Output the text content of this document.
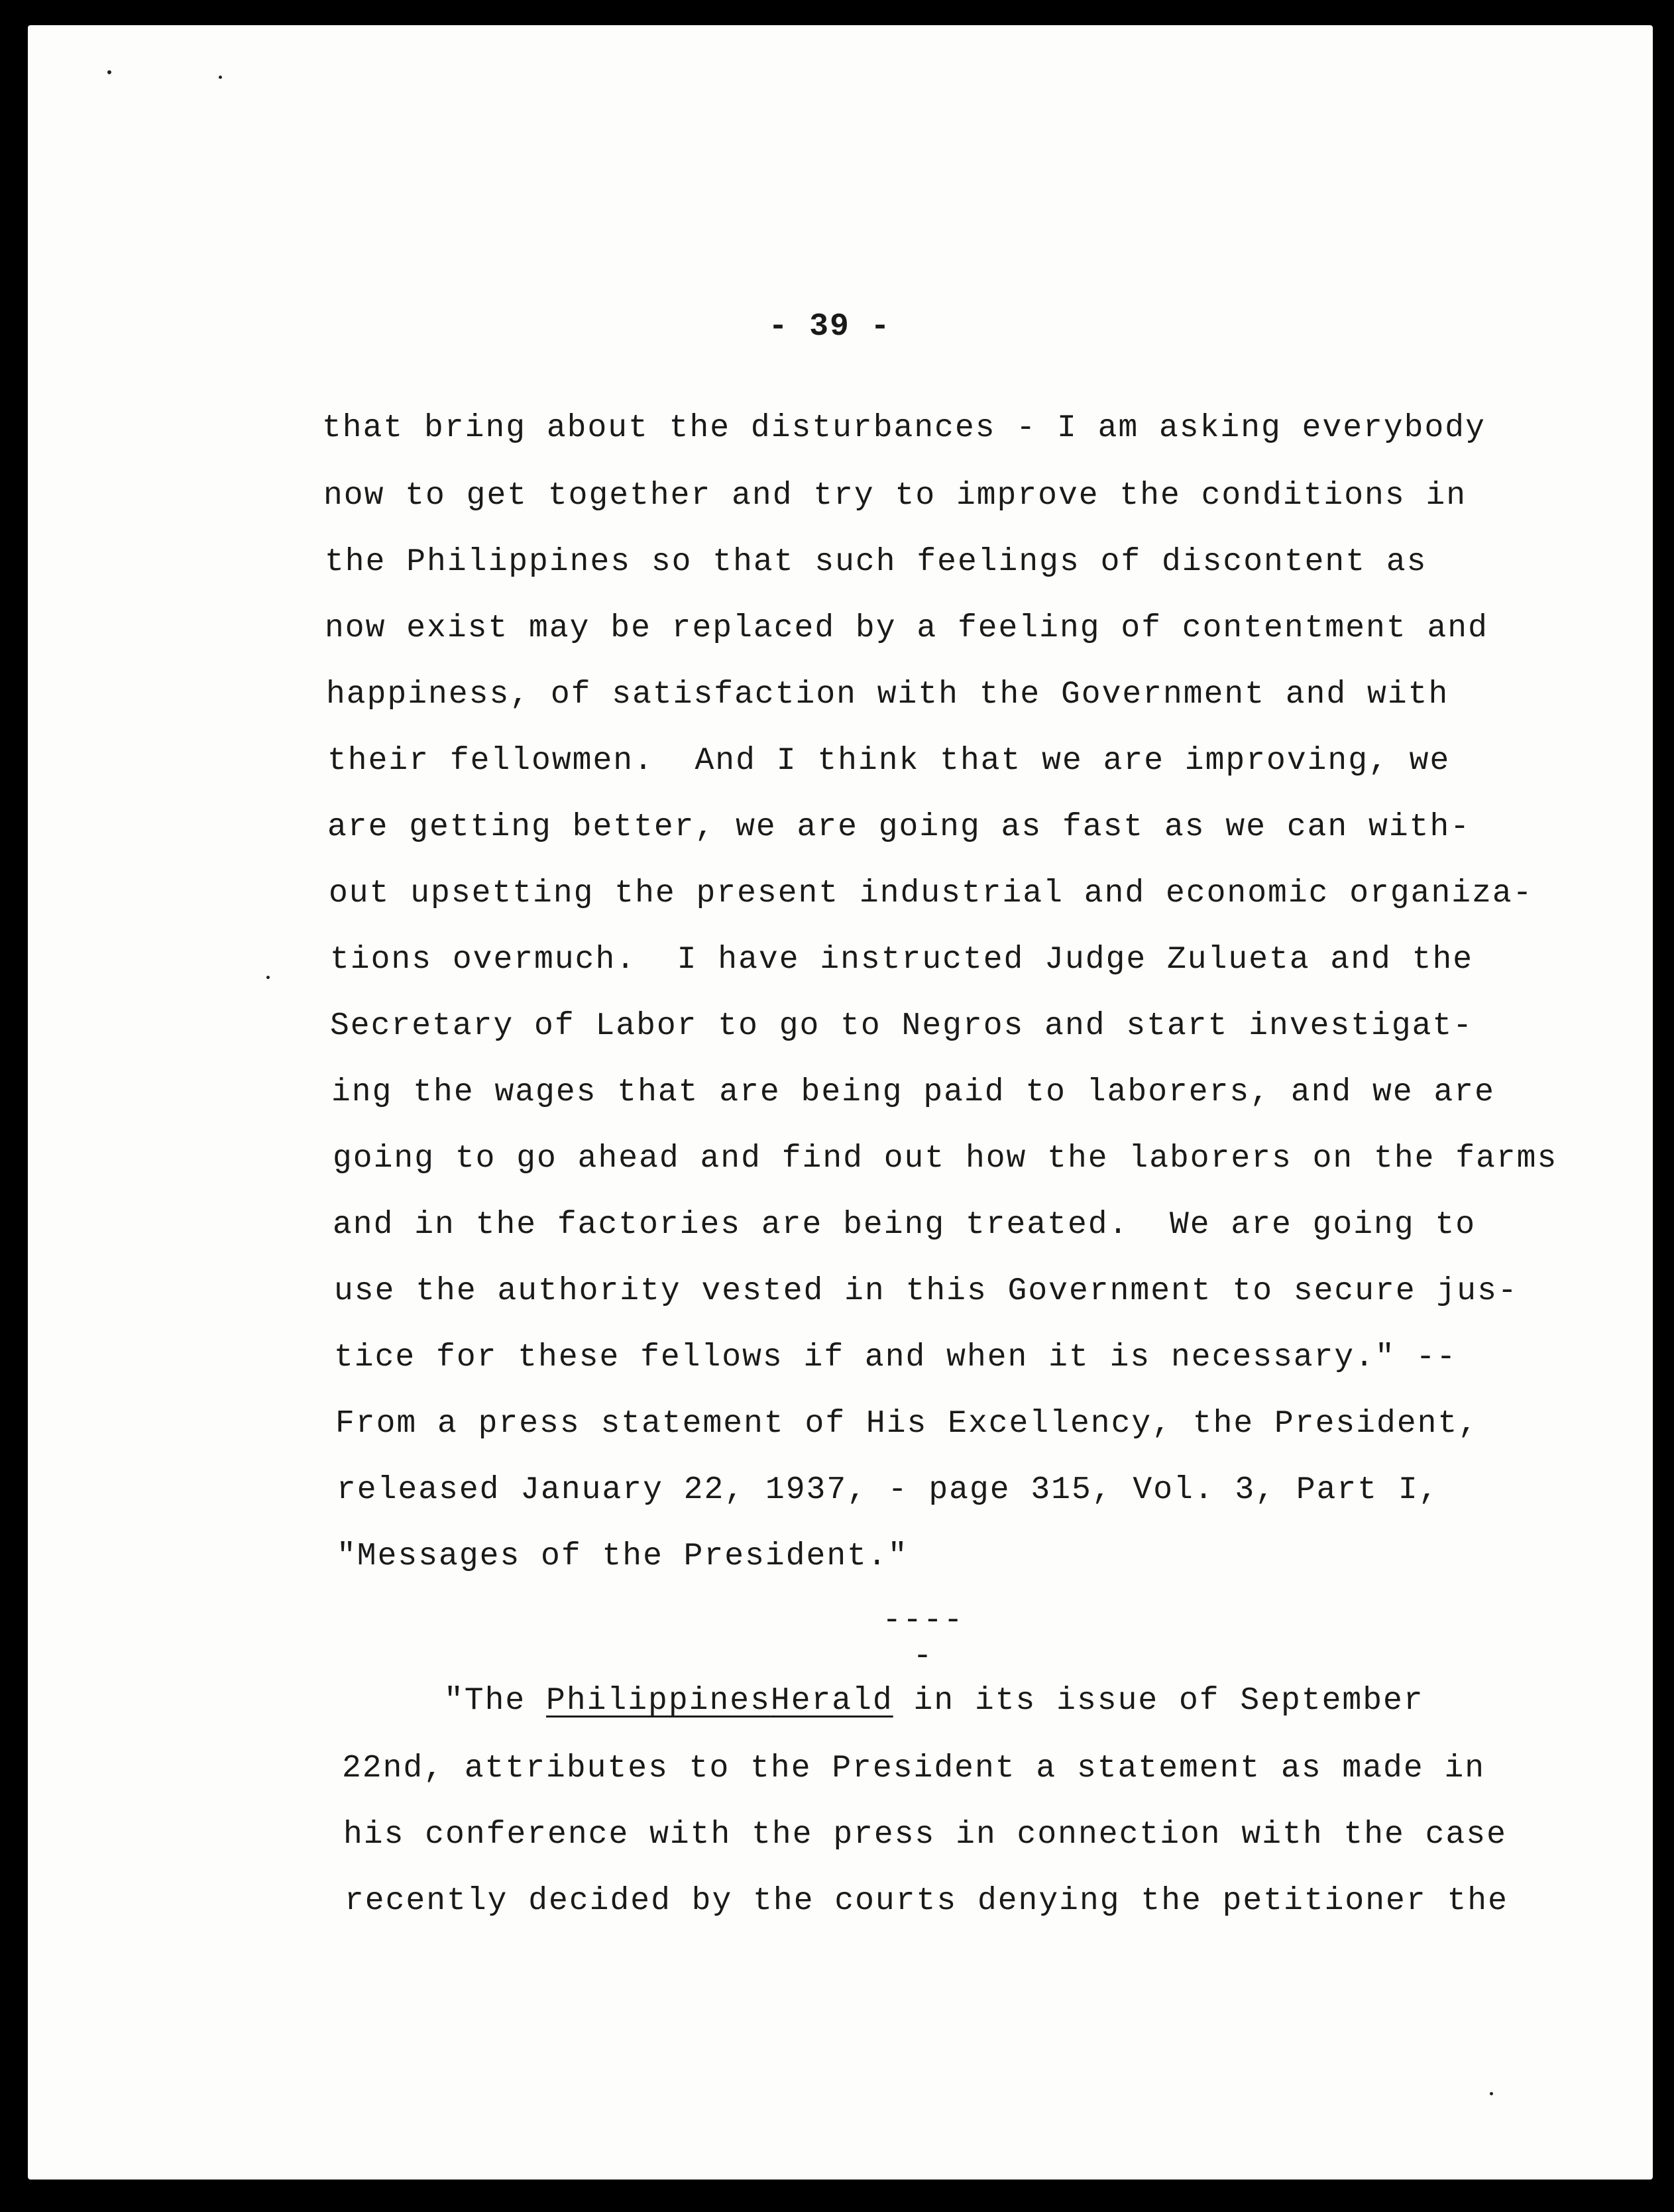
- 39 -
that bring about the disturbances - I am asking everybody
now to get together and try to improve the conditions in
the Philippines so that such feelings of discontent as
now exist may be replaced by a feeling of contentment and
happiness, of satisfaction with the Government and with
their fellowmen.  And I think that we are improving, we
are getting better, we are going as fast as we can with-
out upsetting the present industrial and economic organiza-
tions overmuch.  I have instructed Judge Zulueta and the
Secretary of Labor to go to Negros and start investigat-
ing the wages that are being paid to laborers, and we are
going to go ahead and find out how the laborers on the farms
and in the factories are being treated.  We are going to
use the authority vested in this Government to secure jus-
tice for these fellows if and when it is necessary." --
From a press statement of His Excellency, the President,
released January 22, 1937, - page 315, Vol. 3, Part I,
"Messages of the President."
-----
"The PhilippinesHerald in its issue of September
22nd, attributes to the President a statement as made in
his conference with the press in connection with the case
recently decided by the courts denying the petitioner the
